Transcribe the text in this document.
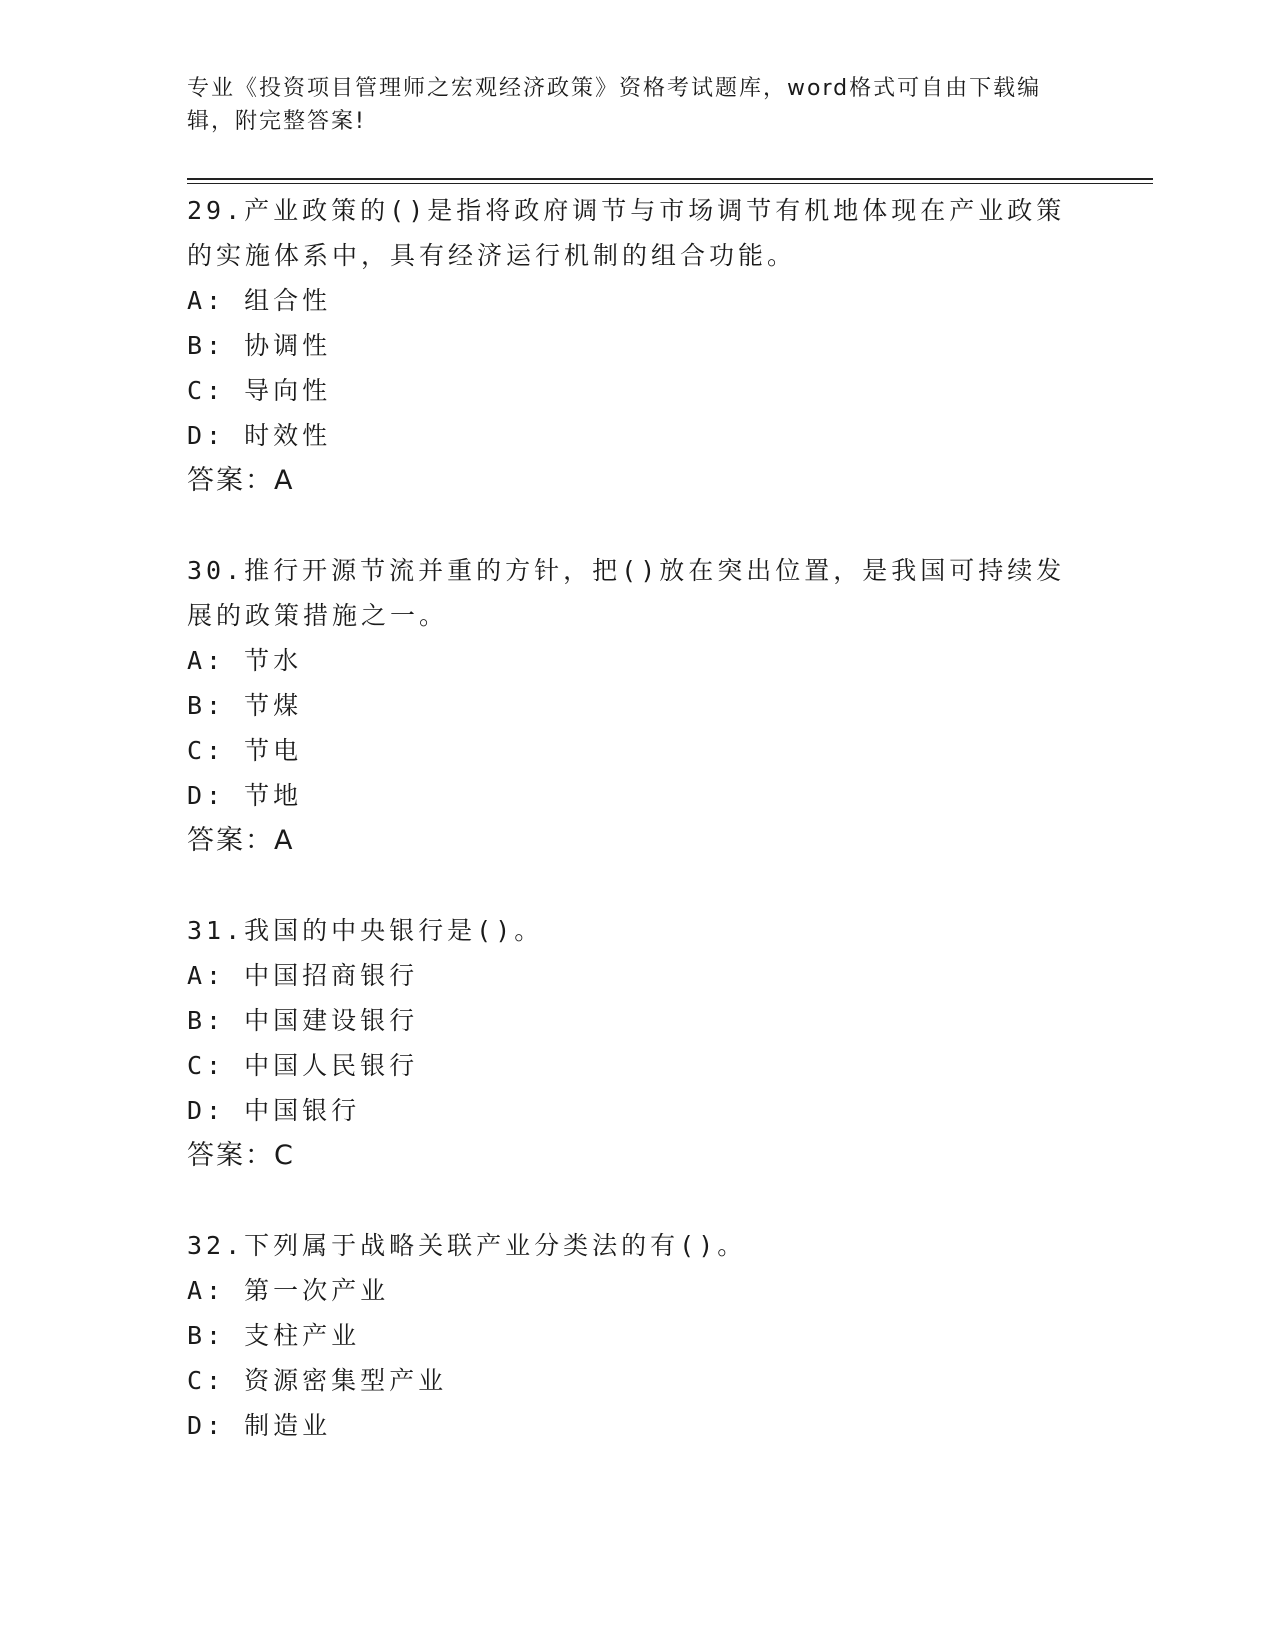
专业《投资项目管理师之宏观经济政策》资格考试题库，word格式可自由下载编辑，附完整答案!
29.产业政策的()是指将政府调节与市场调节有机地体现在产业政策的实施体系中，具有经济运行机制的组合功能。
A: 组合性
B: 协调性
C: 导向性
D: 时效性
答案：A
30.推行开源节流并重的方针，把()放在突出位置，是我国可持续发展的政策措施之一。
A: 节水
B: 节煤
C: 节电
D: 节地
答案：A
31.我国的中央银行是()。
A: 中国招商银行
B: 中国建设银行
C: 中国人民银行
D: 中国银行
答案：C
32.下列属于战略关联产业分类法的有()。
A: 第一次产业
B: 支柱产业
C: 资源密集型产业
D: 制造业
